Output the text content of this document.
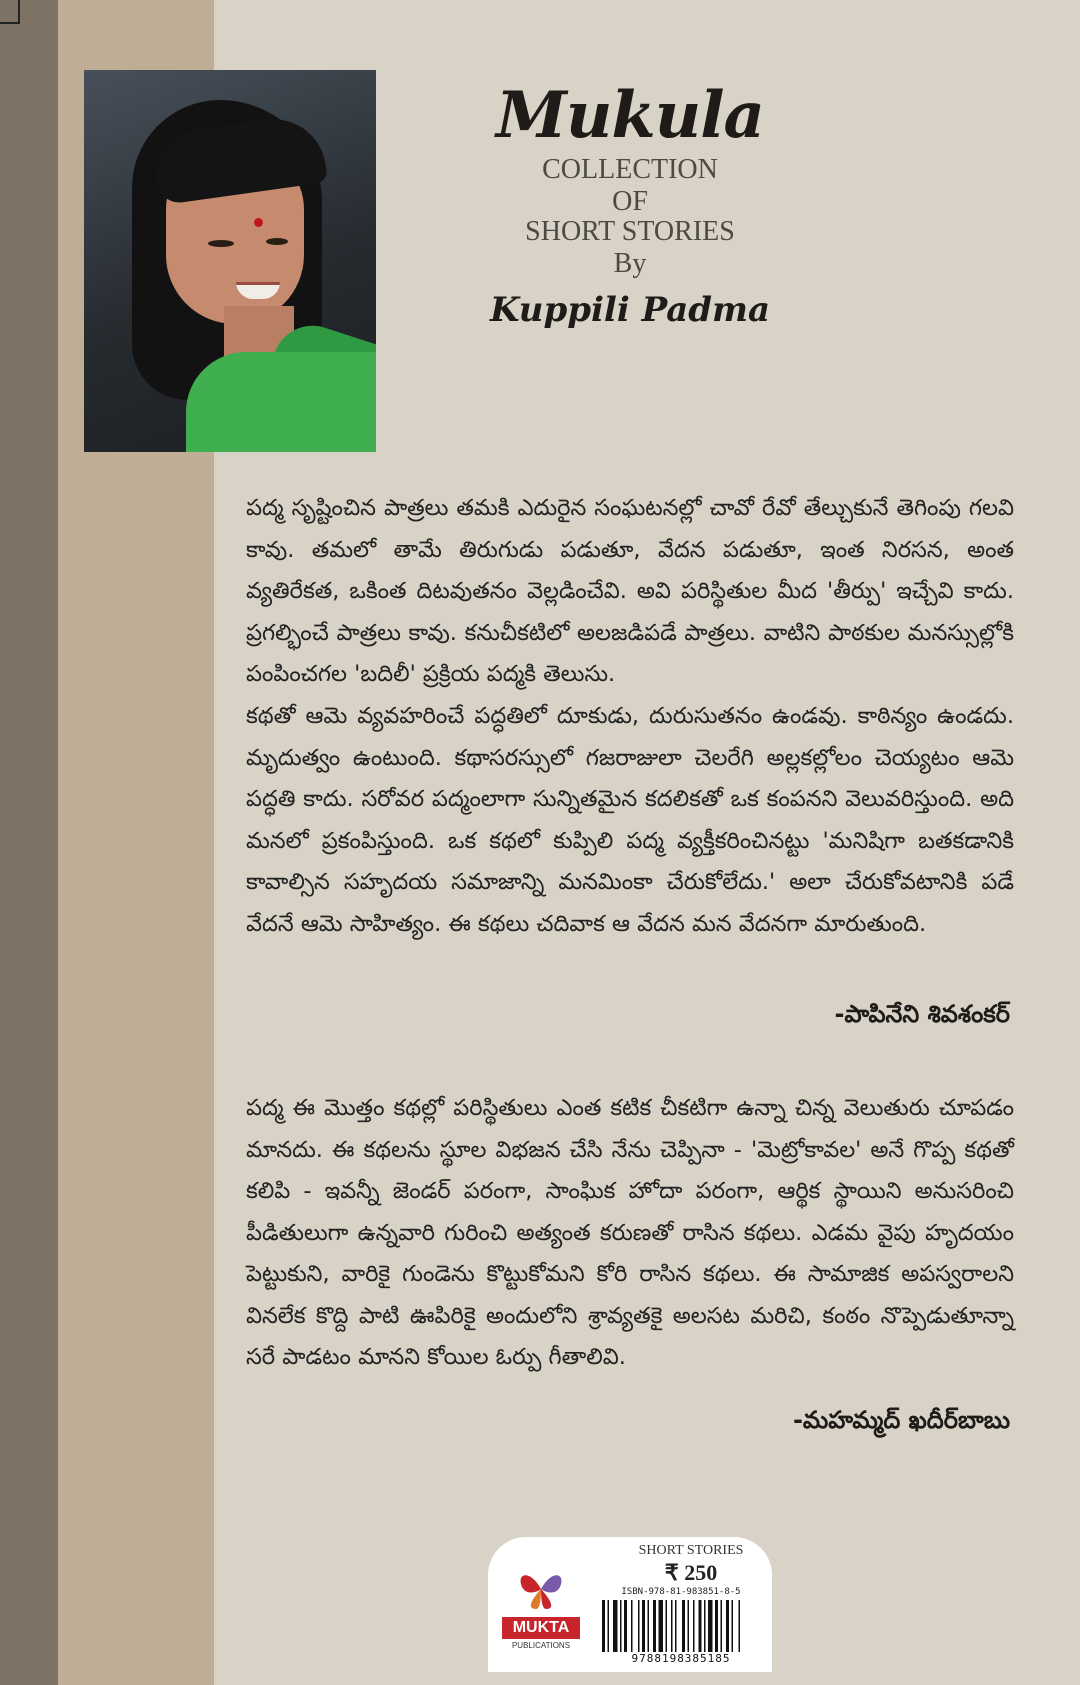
Mukula
COLLECTION
OF
SHORT STORIES
By
Kuppili Padma

పద్మ సృష్టించిన పాత్రలు తమకి ఎదురైన సంఘటనల్లో చావో రేవో తేల్చుకునే తెగింపు గలవి కావు. తమలో తామే తిరుగుడు పడుతూ, వేదన పడుతూ, ఇంత నిరసన, అంత వ్యతిరేకత, ఒకింత దిటవుతనం వెల్లడించేవి. అవి పరిస్థితుల మీద 'తీర్పు' ఇచ్చేవి కాదు. ప్రగల్భించే పాత్రలు కావు. కనుచీకటిలో అలజడిపడే పాత్రలు. వాటిని పాఠకుల మనస్సుల్లోకి పంపించగల 'బదిలీ' ప్రక్రియ పద్మకి తెలుసు.

కథతో ఆమె వ్యవహరించే పద్ధతిలో దూకుడు, దురుసుతనం ఉండవు. కాఠిన్యం ఉండదు. మృదుత్వం ఉంటుంది. కథాసరస్సులో గజరాజులా చెలరేగి అల్లకల్లోలం చెయ్యటం ఆమె పద్ధతి కాదు. సరోవర పద్మంలాగా సున్నితమైన కదలికతో ఒక కంపనని వెలువరిస్తుంది. అది మనలో ప్రకంపిస్తుంది. ఒక కథలో కుప్పిలి పద్మ వ్యక్తీకరించినట్టు 'మనిషిగా బతకడానికి కావాల్సిన సహృదయ సమాజాన్ని మనమింకా చేరుకోలేదు.' అలా చేరుకోవటానికి పడే వేదనే ఆమె సాహిత్యం. ఈ కథలు చదివాక ఆ వేదన మన వేదనగా మారుతుంది.

-పాపినేని శివశంకర్

పద్మ ఈ మొత్తం కథల్లో పరిస్థితులు ఎంత కటిక చీకటిగా ఉన్నా చిన్న వెలుతురు చూపడం మానదు. ఈ కథలను స్థూల విభజన చేసి నేను చెప్పినా - 'మెట్రోకావల' అనే గొప్ప కథతో కలిపి - ఇవన్నీ జెండర్ పరంగా, సాంఘిక హోదా పరంగా, ఆర్థిక స్థాయిని అనుసరించి పీడితులుగా ఉన్నవారి గురించి అత్యంత కరుణతో రాసిన కథలు. ఎడమ వైపు హృదయం పెట్టుకుని, వారికై గుండెను కొట్టుకోమని కోరి రాసిన కథలు. ఈ సామాజిక అపస్వరాలని వినలేక కొద్ది పాటి ఊపిరికై అందులోని శ్రావ్యతకై అలసట మరిచి, కంఠం నొప్పెడుతూన్నా సరే పాడటం మానని కోయిల ఓర్పు గీతాలివి.

-మహమ్మద్ ఖదీర్‌బాబు
MUKTA
PUBLICATIONS
SHORT STORIES
₹ 250
ISBN-978-81-983851-8-5
9788198385185
